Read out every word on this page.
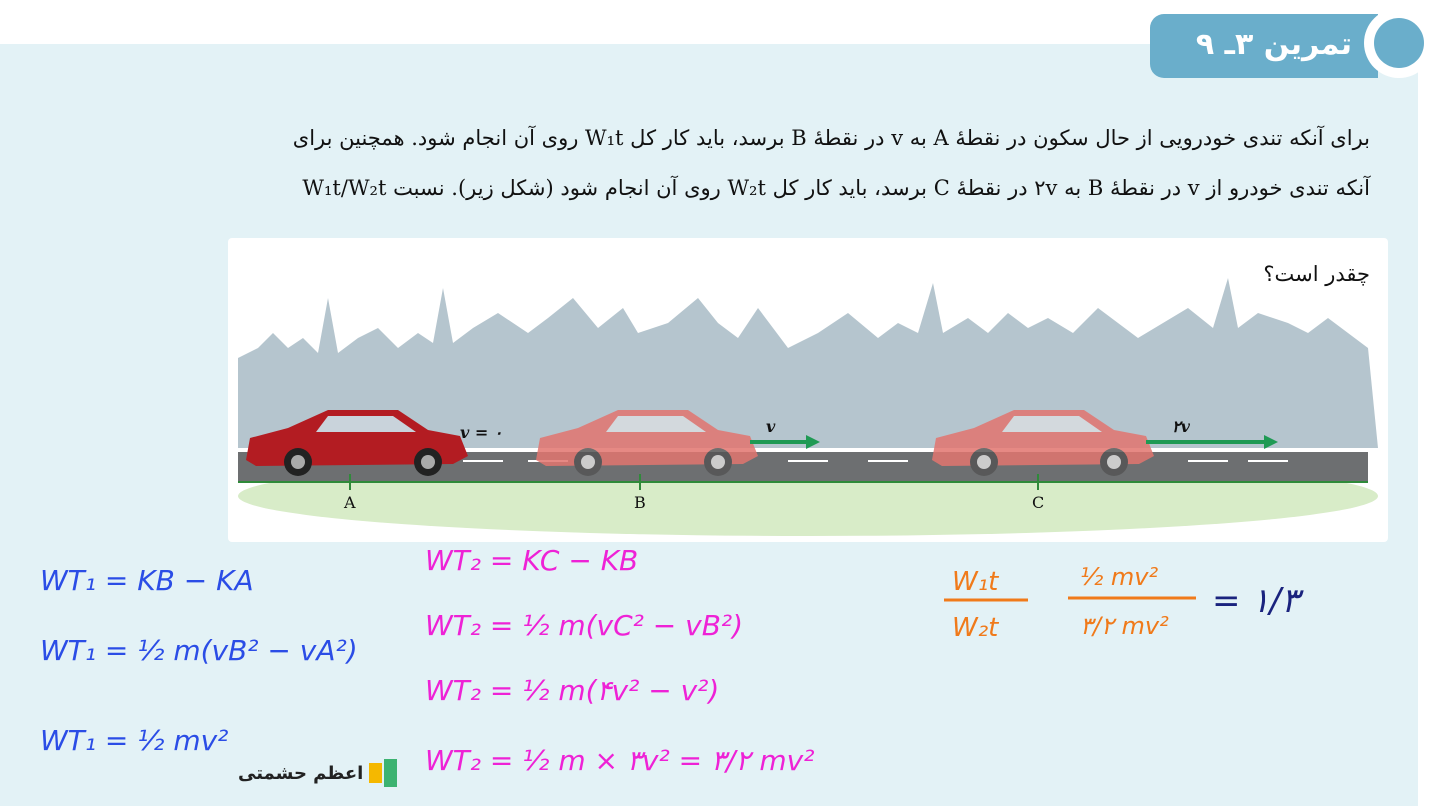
تمرین ۳ـ ۹
برای آنکه تندی خودرویی از حال سکون در نقطهٔ A به v در نقطهٔ B برسد، باید کار کل W₁t روی آن انجام شود. همچنین برای
آنکه تندی خودرو از v در نقطهٔ B به ۲v در نقطهٔ C برسد، باید کار کل W₂t روی آن انجام شود (شکل زیر). نسبت W₁t/W₂t
چقدر است؟
v = ۰	v	۲v
A	B	C
WT₁ = KB − KA
WT₁ = ½ m(vB² − vA²)
WT₁ = ½ mv²
WT₂ = KC − KB
WT₂ = ½ m(vC² − vB²)
WT₂ = ½ m(۴v² − v²)
WT₂ = ½ m × ۳v² = ۳/۲ mv²
W₁t
W₂t
½ mv²
۳/۲ mv²
= ۱/۳
اعظم حشمتی
